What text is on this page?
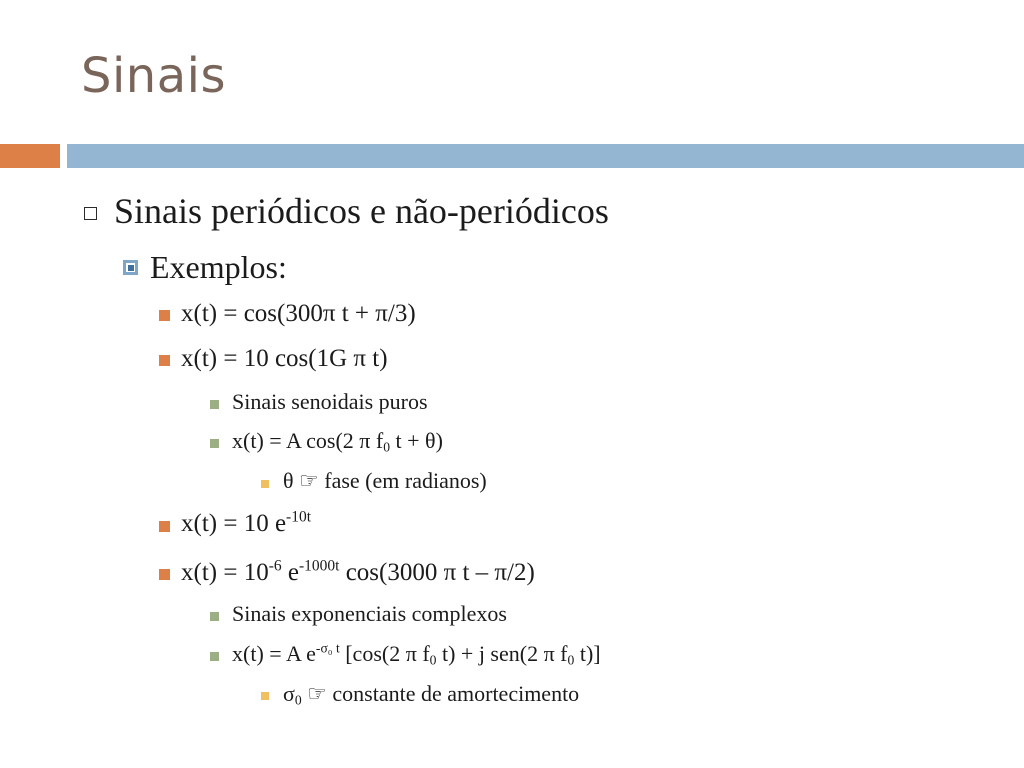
Sinais
Sinais periódicos e não-periódicos
Exemplos:
x(t) = cos(300π t + π/3)
x(t) = 10 cos(1G π t)
Sinais senoidais puros
x(t) = A cos(2 π $f_0$ t + θ)
θ ☞ fase (em radianos)
x(t) = 10 $e^{-10t}$
$x(t) = 10^{-6}$ $e^{-1000t}$ cos(3000 π t – π/2)
Sinais exponenciais complexos
x(t) = A $e^{-\sigma_0 t}$ [cos(2 π $f_0$ t) + j sen(2 π $f_0$ t)]
$\sigma_0$ ☞ constante de amortecimento
